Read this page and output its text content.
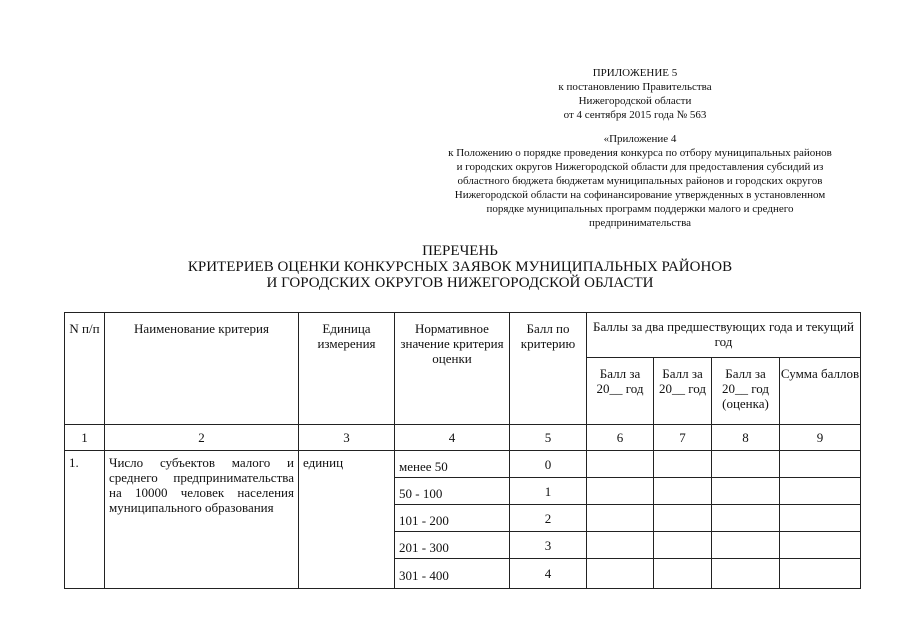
ПРИЛОЖЕНИЕ 5
к постановлению Правительства
Нижегородской области
от 4 сентября 2015 года № 563
«Приложение 4
к Положению о порядке проведения конкурса по отбору муниципальных районов
и городских округов Нижегородской области для предоставления субсидий из
областного бюджета бюджетам муниципальных районов и городских округов
Нижегородской области на софинансирование утвержденных в установленном
порядке муниципальных программ поддержки малого и среднего
предпринимательства
ПЕРЕЧЕНЬ
КРИТЕРИЕВ ОЦЕНКИ КОНКУРСНЫХ ЗАЯВОК МУНИЦИПАЛЬНЫХ РАЙОНОВ
И ГОРОДСКИХ ОКРУГОВ НИЖЕГОРОДСКОЙ ОБЛАСТИ
N п/п	Наименование критерия	Единица измерения	Нормативное значение критерия оценки	Балл по критерию	Баллы за два предшествующих года и текущий год			
					Балл за 20__ год	Балл за 20__ год	Балл за 20__ год (оценка)	Сумма баллов
1	2	3	4	5	6	7	8	9
1.	Число субъектов малого и среднего предпринимательства на 10000 человек населения муниципального образования	единиц	менее 50	0				
			50 - 100	1				
			101 - 200	2				
			201 - 300	3				
			301 - 400	4				
